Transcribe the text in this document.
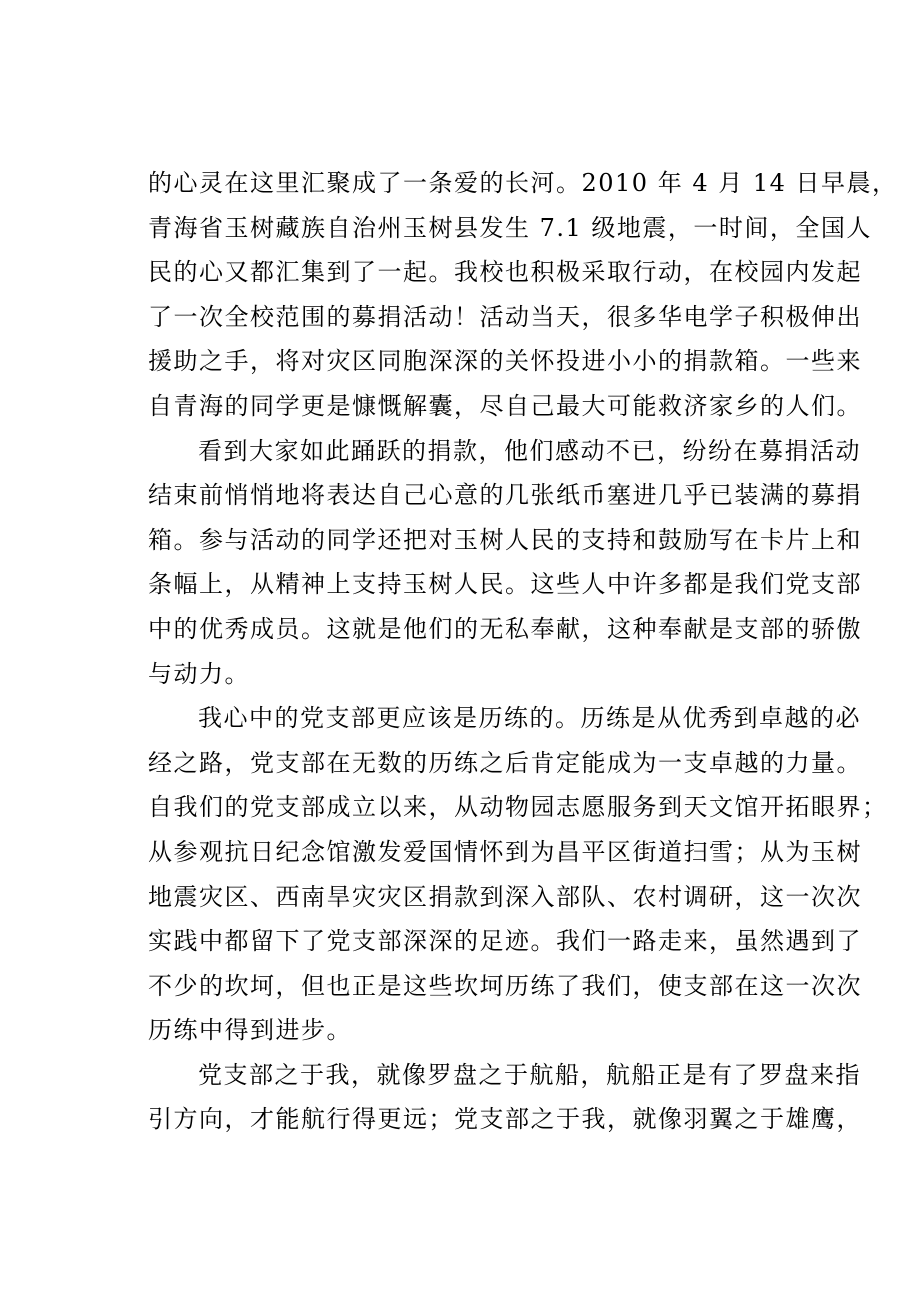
的心灵在这里汇聚成了一条爱的长河。2010 年 4 月 14 日早晨，
青海省玉树藏族自治州玉树县发生 7.1 级地震，一时间，全国人
民的心又都汇集到了一起。我校也积极采取行动，在校园内发起
了一次全校范围的募捐活动！活动当天，很多华电学子积极伸出
援助之手，将对灾区同胞深深的关怀投进小小的捐款箱。一些来
自青海的同学更是慷慨解囊，尽自己最大可能救济家乡的人们。
看到大家如此踊跃的捐款，他们感动不已，纷纷在募捐活动
结束前悄悄地将表达自己心意的几张纸币塞进几乎已装满的募捐
箱。参与活动的同学还把对玉树人民的支持和鼓励写在卡片上和
条幅上，从精神上支持玉树人民。这些人中许多都是我们党支部
中的优秀成员。这就是他们的无私奉献，这种奉献是支部的骄傲
与动力。
我心中的党支部更应该是历练的。历练是从优秀到卓越的必
经之路，党支部在无数的历练之后肯定能成为一支卓越的力量。
自我们的党支部成立以来，从动物园志愿服务到天文馆开拓眼界；
从参观抗日纪念馆激发爱国情怀到为昌平区街道扫雪；从为玉树
地震灾区、西南旱灾灾区捐款到深入部队、农村调研，这一次次
实践中都留下了党支部深深的足迹。我们一路走来，虽然遇到了
不少的坎坷，但也正是这些坎坷历练了我们，使支部在这一次次
历练中得到进步。
党支部之于我，就像罗盘之于航船，航船正是有了罗盘来指
引方向，才能航行得更远；党支部之于我，就像羽翼之于雄鹰，
